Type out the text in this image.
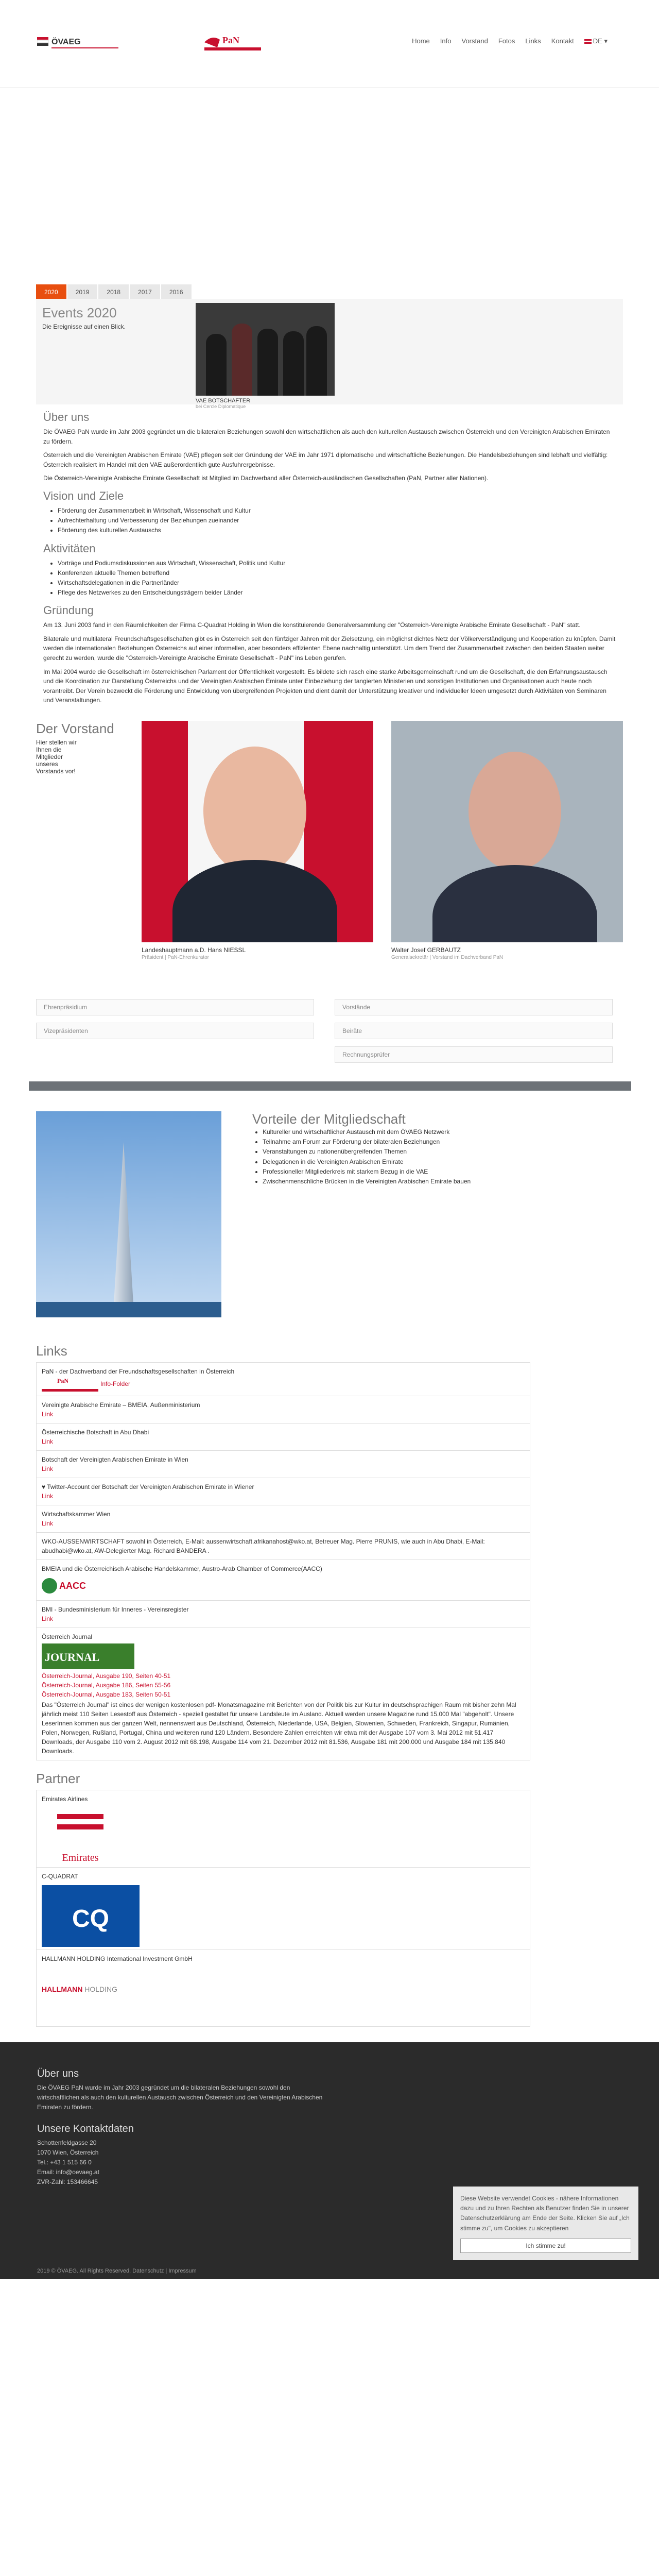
ÖVAEG	PaN	Home Info Vorstand Fotos Links Kontakt	DE ▾
2020	2019	2018	2017	2016
Events 2020

Die Ereignisse auf einen Blick.

VAE BOTSCHAFTER
bei Cercle Diplomatique
Über uns

Die ÖVAEG PaN wurde im Jahr 2003 gegründet um die bilateralen Beziehungen sowohl den wirtschaftlichen als auch den kulturellen Austausch zwischen Österreich und den Vereinigten Arabischen Emiraten zu fördern.

Österreich und die Vereinigten Arabischen Emirate (VAE) pflegen seit der Gründung der VAE im Jahr 1971 diplomatische und wirtschaftliche Beziehungen. Die Handelsbeziehungen sind lebhaft und vielfältig: Österreich realisiert im Handel mit den VAE außerordentlich gute Ausfuhrergebnisse.

Die Österreich-Vereinigte Arabische Emirate Gesellschaft ist Mitglied im Dachverband aller Österreich-ausländischen Gesellschaften (PaN, Partner aller Nationen).

Vision und Ziele
• Förderung der Zusammenarbeit in Wirtschaft, Wissenschaft und Kultur
• Aufrechterhaltung und Verbesserung der Beziehungen zueinander
• Förderung des kulturellen Austauschs
Aktivitäten
• Vorträge und Podiumsdiskussionen aus Wirtschaft, Wissenschaft, Politik und Kultur
• Konferenzen aktuelle Themen betreffend
• Wirtschaftsdelegationen in die Partnerländer
• Pflege des Netzwerkes zu den Entscheidungsträgern beider Länder
Gründung

Am 13. Juni 2003 fand in den Räumlichkeiten der Firma C-Quadrat Holding in Wien die konstituierende Generalversammlung der "Österreich-Vereinigte Arabische Emirate Gesellschaft - PaN" statt.

Bilaterale und multilateral Freundschaftsgesellschaften gibt es in Österreich seit den fünfziger Jahren mit der Zielsetzung, ein möglichst dichtes Netz der Völkerverständigung und Kooperation zu knüpfen. Damit werden die internationalen Beziehungen Österreichs auf einer informellen, aber besonders effizienten Ebene nachhaltig unterstützt. Um dem Trend der Zusammenarbeit zwischen den beiden Staaten weiter gerecht zu werden, wurde die "Österreich-Vereinigte Arabische Emirate Gesellschaft - PaN" ins Leben gerufen.

Im Mai 2004 wurde die Gesellschaft im österreichischen Parlament der Öffentlichkeit vorgestellt. Es bildete sich rasch eine starke Arbeitsgemeinschaft rund um die Gesellschaft, die den Erfahrungsaustausch und die Koordination zur Darstellung Österreichs und der Vereinigten Arabischen Emirate unter Einbeziehung der tangierten Ministerien und sonstigen Institutionen und Organisationen auch heute noch vorantreibt. Der Verein bezweckt die Förderung und Entwicklung von übergreifenden Projekten und dient damit der Unterstützung kreativer und individueller Ideen umgesetzt durch Aktivitäten von Seminaren und Veranstaltungen.

Der Vorstand

Hier stellen wir Ihnen die Mitglieder unseres Vorstands vor!

Landeshauptmann a.D. Hans NIESSL
Präsident | PaN-Ehrenkurator
Walter Josef GERBAUTZ
Generalsekretär | Vorstand im Dachverband PaN
Ehrenpräsidium	Vorstände
Vizepräsidenten	Beiräte
Rechnungsprüfer
Vorteile der Mitgliedschaft
• Kultureller und wirtschaftlicher Austausch mit dem ÖVAEG Netzwerk
• Teilnahme am Forum zur Förderung der bilateralen Beziehungen
• Veranstaltungen zu nationenübergreifenden Themen
• Delegationen in die Vereinigten Arabischen Emirate
• Professioneller Mitgliederkreis mit starkem Bezug in die VAE
• Zwischenmenschliche Brücken in die Vereinigten Arabischen Emirate bauen
Links
PaN - der Dachverband der Freundschaftsgesellschaften in Österreich
PaN	Info-Folder
Vereinigte Arabische Emirate – BMEIA, Außenministerium
Link
Österreichische Botschaft in Abu Dhabi
Link
Botschaft der Vereinigten Arabischen Emirate in Wien
Link
♥ Twitter-Account der Botschaft der Vereinigten Arabischen Emirate in Wiener
Link
Wirtschaftskammer Wien
Link
WKO-AUSSENWIRTSCHAFT sowohl in Österreich, E-Mail: aussenwirtschaft.afrikanahost@wko.at, Betreuer Mag. Pierre PRUNIS, wie auch in Abu Dhabi, E-Mail: abudhabi@wko.at, AW-Delegierter Mag. Richard BANDERA .
BMEIA und die Österreichisch Arabische Handelskammer, Austro-Arab Chamber of Commerce(AACC)
AACC
BMI - Bundesministerium für Inneres - Vereinsregister
Link
Österreich Journal
JOURNAL
Österreich-Journal, Ausgabe 190, Seiten 40-51
Österreich-Journal, Ausgabe 186, Seiten 55-56
Österreich-Journal, Ausgabe 183, Seiten 50-51

Das "Österreich Journal" ist eines der wenigen kostenlosen pdf- Monatsmagazine mit Berichten von der Politik bis zur Kultur im deutschsprachigen Raum mit bisher zehn Mal jährlich meist 110 Seiten Lesestoff aus Österreich - speziell gestaltet für unsere Landsleute im Ausland. Aktuell werden unsere Magazine rund 15.000 Mal "abgeholt". Unsere LeserInnen kommen aus der ganzen Welt, nennenswert aus Deutschland, Österreich, Niederlande, USA, Belgien, Slowenien, Schweden, Frankreich, Singapur, Rumänien, Polen, Norwegen, Rußland, Portugal, China und weiteren rund 120 Ländern. Besondere Zahlen erreichten wir etwa mit der Ausgabe 107 vom 3. Mai 2012 mit 51.417 Downloads, der Ausgabe 110 vom 2. August 2012 mit 68.198, Ausgabe 114 vom 21. Dezember 2012 mit 81.536, Ausgabe 181 mit 200.000 und Ausgabe 184 mit 135.840 Downloads.

Partner
Emirates Airlines
Emirates
C-QUADRAT
CQ
HALLMANN HOLDING International Investment GmbH
HALLMANN HOLDING
Über uns

Die ÖVAEG PaN wurde im Jahr 2003 gegründet um die bilateralen Beziehungen sowohl den wirtschaftlichen als auch den kulturellen Austausch zwischen Österreich und den Vereinigten Arabischen Emiraten zu fördern.

Unsere Kontaktdaten

Schottenfeldgasse 20

1070 Wien, Österreich

Tel.: +43 1 515 66 0

Email: info@oevaeg.at

ZVR-Zahl: 153466645

Diese Website verwendet Cookies - nähere Informationen dazu und zu Ihren Rechten als Benutzer finden Sie in unserer Datenschutzerklärung am Ende der Seite. Klicken Sie auf „Ich stimme zu", um Cookies zu akzeptieren Ich stimme zu!
2019 © ÖVAEG. All Rights Reserved. Datenschutz | Impressum
